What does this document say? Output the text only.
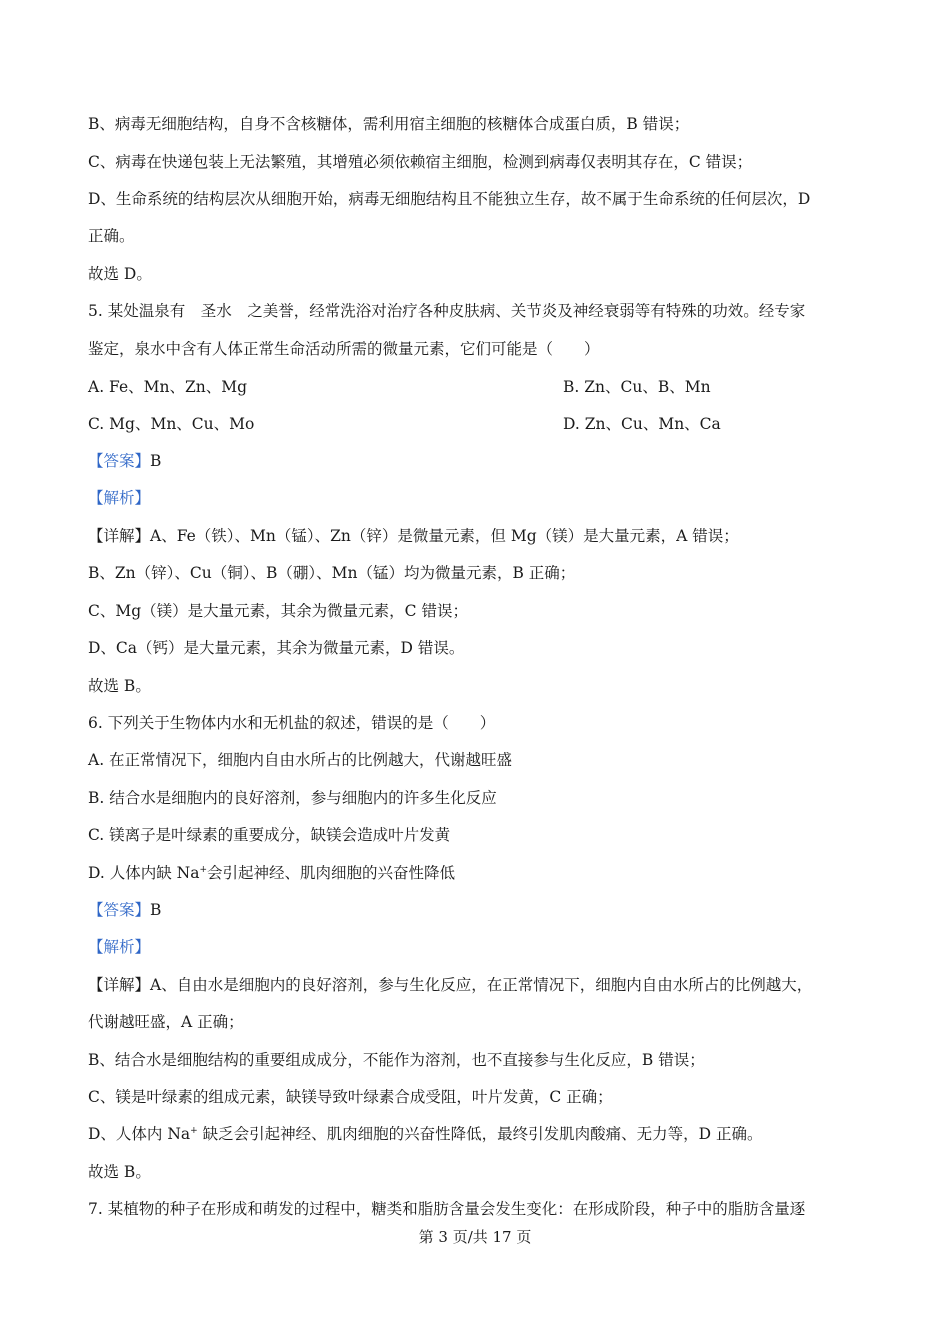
B、病毒无细胞结构，自身不含核糖体，需利用宿主细胞的核糖体合成蛋白质，B 错误；
C、病毒在快递包装上无法繁殖，其增殖必须依赖宿主细胞，检测到病毒仅表明其存在，C 错误；
D、生命系统的结构层次从细胞开始，病毒无细胞结构且不能独立生存，故不属于生命系统的任何层次，D
正确。
故选 D。
5. 某处温泉有　圣水　之美誉，经常洗浴对治疗各种皮肤病、关节炎及神经衰弱等有特殊的功效。经专家
鉴定，泉水中含有人体正常生命活动所需的微量元素，它们可能是（　　）
A. Fe、Mn、Zn、Mg	B. Zn、Cu、B、Mn
C. Mg、Mn、Cu、Mo	D. Zn、Cu、Mn、Ca
【答案】B
【解析】
【详解】A、Fe（铁）、Mn（锰）、Zn（锌）是微量元素，但 Mg（镁）是大量元素，A 错误；
B、Zn（锌）、Cu（铜）、B（硼）、Mn（锰）均为微量元素，B 正确；
C、Mg（镁）是大量元素，其余为微量元素，C 错误；
D、Ca（钙）是大量元素，其余为微量元素，D 错误。
故选 B。
6. 下列关于生物体内水和无机盐的叙述，错误的是（　　）
A. 在正常情况下，细胞内自由水所占的比例越大，代谢越旺盛
B. 结合水是细胞内的良好溶剂，参与细胞内的许多生化反应
C. 镁离子是叶绿素的重要成分，缺镁会造成叶片发黄
D. 人体内缺 Na+会引起神经、肌肉细胞的兴奋性降低
【答案】B
【解析】
【详解】A、自由水是细胞内的良好溶剂，参与生化反应，在正常情况下，细胞内自由水所占的比例越大，
代谢越旺盛，A 正确；
B、结合水是细胞结构的重要组成成分，不能作为溶剂，也不直接参与生化反应，B 错误；
C、镁是叶绿素的组成元素，缺镁导致叶绿素合成受阻，叶片发黄，C 正确；
D、人体内 Na+ 缺乏会引起神经、肌肉细胞的兴奋性降低，最终引发肌肉酸痛、无力等，D 正确。
故选 B。
7. 某植物的种子在形成和萌发的过程中，糖类和脂肪含量会发生变化：在形成阶段，种子中的脂肪含量逐
第 3 页/共 17 页
